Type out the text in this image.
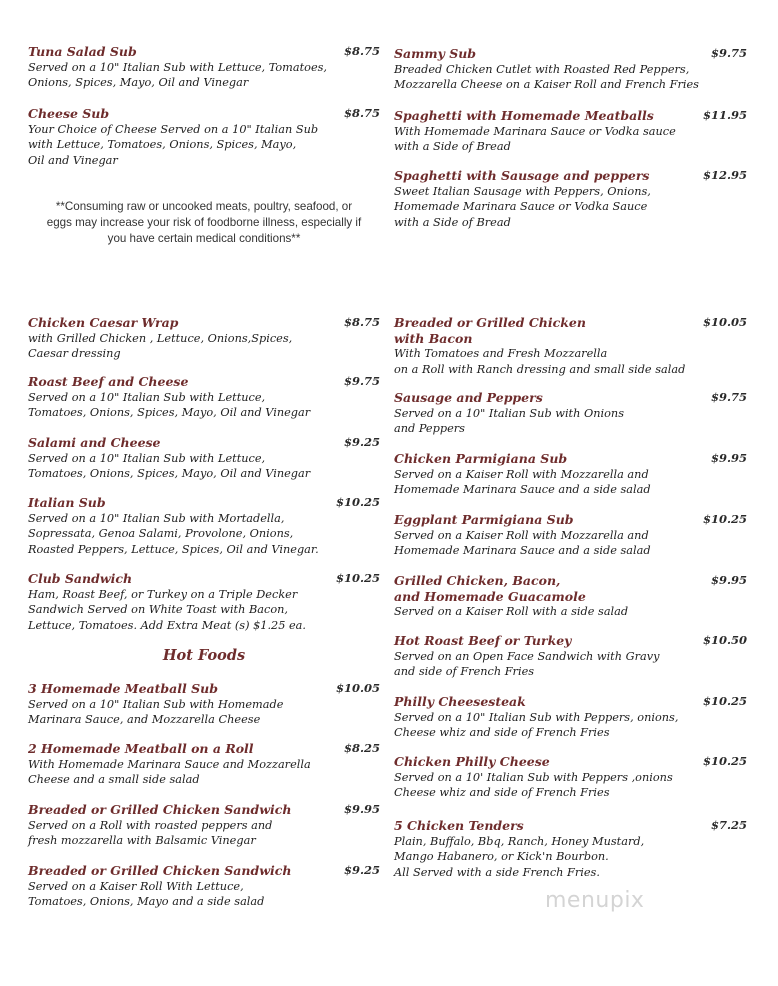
**Consuming raw or uncooked meats, poultry, seafood, or
eggs may increase your risk of foodborne illness, especially if
you have certain medical conditions**
Hot Foods
menupix
Tuna Salad Sub	$8.75
Served on a 10" Italian Sub with Lettuce, Tomatoes,
Onions, Spices, Mayo, Oil and Vinegar
Cheese Sub	$8.75
Your Choice of Cheese Served on a 10" Italian Sub
with Lettuce, Tomatoes, Onions, Spices, Mayo,
Oil and Vinegar
Chicken Caesar Wrap	$8.75
with Grilled Chicken , Lettuce, Onions,Spices,
Caesar dressing
Roast Beef and Cheese	$9.75
Served on a 10" Italian Sub with Lettuce,
Tomatoes, Onions, Spices, Mayo, Oil and Vinegar
Salami and Cheese	$9.25
Served on a 10" Italian Sub with Lettuce,
Tomatoes, Onions, Spices, Mayo, Oil and Vinegar
Italian Sub	$10.25
Served on a 10" Italian Sub with Mortadella,
Sopressata, Genoa Salami, Provolone, Onions,
Roasted Peppers, Lettuce, Spices, Oil and Vinegar.
Club Sandwich	$10.25
Ham, Roast Beef, or Turkey on a Triple Decker
Sandwich Served on White Toast with Bacon,
Lettuce, Tomatoes. Add Extra Meat (s) $1.25 ea.
3 Homemade Meatball Sub	$10.05
Served on a 10" Italian Sub with Homemade
Marinara Sauce, and Mozzarella Cheese
2 Homemade Meatball on a Roll	$8.25
With Homemade Marinara Sauce and Mozzarella
Cheese and a small side salad
Breaded or Grilled Chicken Sandwich	$9.95
Served on a Roll with roasted peppers and
fresh mozzarella with Balsamic Vinegar
Breaded or Grilled Chicken Sandwich	$9.25
Served on a Kaiser Roll With Lettuce,
Tomatoes, Onions, Mayo and a side salad
Sammy Sub	$9.75
Breaded Chicken Cutlet with Roasted Red Peppers,
Mozzarella Cheese on a Kaiser Roll and French Fries
Spaghetti with Homemade Meatballs	$11.95
With Homemade Marinara Sauce or Vodka sauce
with a Side of Bread
Spaghetti with Sausage and peppers	$12.95
Sweet Italian Sausage with Peppers, Onions,
Homemade Marinara Sauce or Vodka Sauce
with a Side of Bread
Breaded or Grilled Chicken
with Bacon
$10.05
With Tomatoes and Fresh Mozzarella
on a Roll with Ranch dressing and small side salad
Sausage and Peppers	$9.75
Served on a 10" Italian Sub with Onions
and Peppers
Chicken Parmigiana Sub	$9.95
Served on a Kaiser Roll with Mozzarella and
Homemade Marinara Sauce and a side salad
Eggplant Parmigiana Sub	$10.25
Served on a Kaiser Roll with Mozzarella and
Homemade Marinara Sauce and a side salad
Grilled Chicken, Bacon,
and Homemade Guacamole
$9.95
Served on a Kaiser Roll with a side salad
Hot Roast Beef or Turkey	$10.50
Served on an Open Face Sandwich with Gravy
and side of French Fries
Philly Cheesesteak	$10.25
Served on a 10" Italian Sub with Peppers, onions,
Cheese whiz and side of French Fries
Chicken Philly Cheese	$10.25
Served on a 10' Italian Sub with Peppers ,onions
Cheese whiz and side of French Fries
5 Chicken Tenders	$7.25
Plain, Buffalo, Bbq, Ranch, Honey Mustard,
Mango Habanero, or Kick'n Bourbon.
All Served with a side French Fries.
